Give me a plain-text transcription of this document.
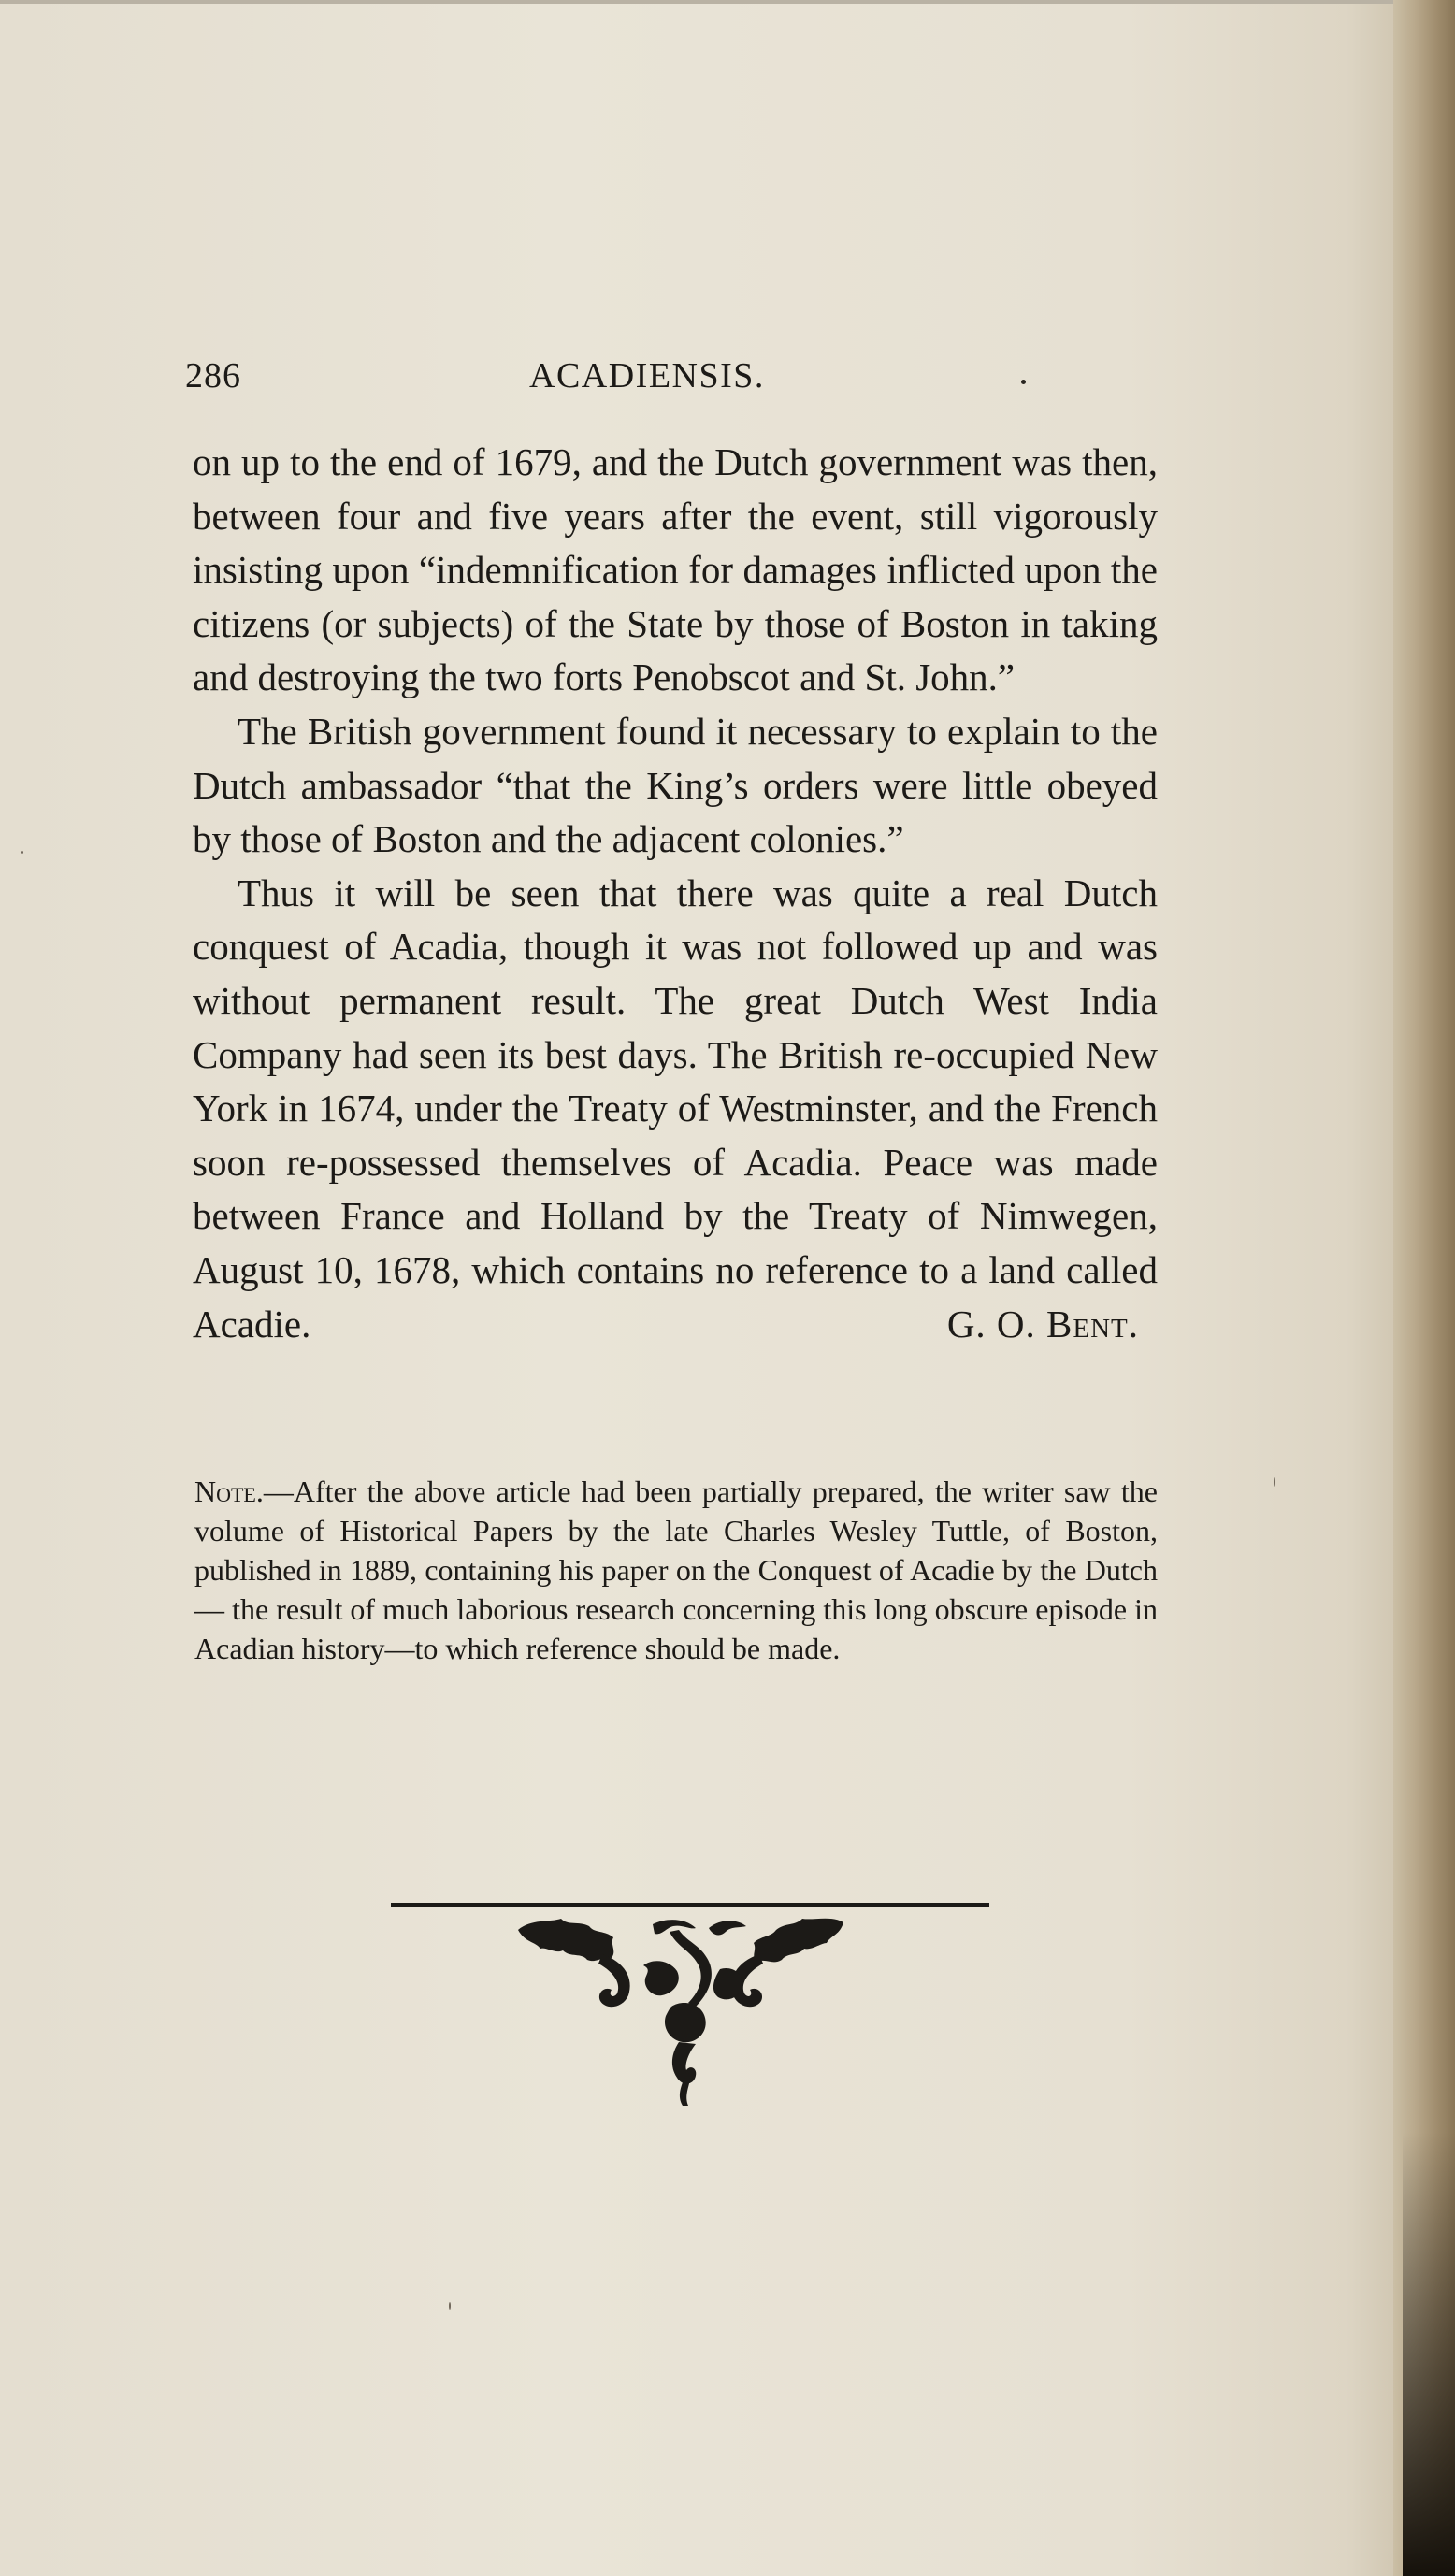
286	ACADIENSIS.

on up to the end of 1679, and the Dutch government was then, between four and five years after the event, still vigorously insisting upon “indemnification for damages inflicted upon the citizens (or subjects) of the State by those of Boston in taking and destroying the two forts Penobscot and St. John.”

The British government found it necessary to explain to the Dutch ambassador “that the King’s orders were little obeyed by those of Boston and the adjacent colonies.”

Thus it will be seen that there was quite a real Dutch conquest of Acadia, though it was not followed up and was without permanent result. The great Dutch West India Company had seen its best days. The British re-occupied New York in 1674, under the Treaty of Westminster, and the French soon re-possessed themselves of Acadia. Peace was made between France and Holland by the Treaty of Nimwegen, August 10, 1678, which contains no reference to a land called Acadie.	G. O. Bent.

Note.—After the above article had been partially prepared, the writer saw the volume of Historical Papers by the late Charles Wesley Tuttle, of Boston, published in 1889, containing his paper on the Conquest of Acadie by the Dutch — the result of much laborious research concerning this long obscure episode in Acadian history—to which reference should be made.
